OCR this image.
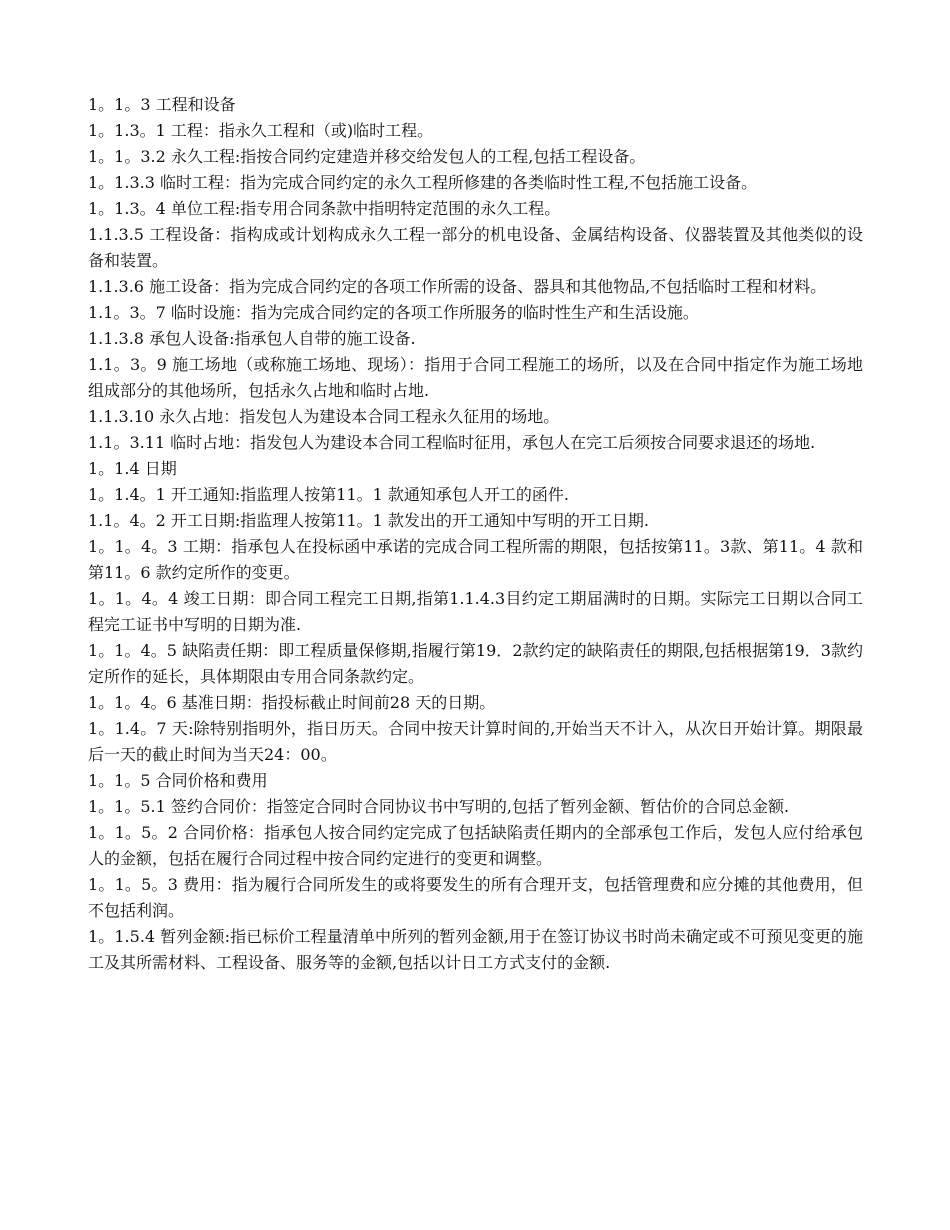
1。1。3 工程和设备

1。1.3。1 工程：指永久工程和（或)临时工程。

1。1。3.2 永久工程:指按合同约定建造并移交给发包人的工程,包括工程设备。

1。1.3.3 临时工程：指为完成合同约定的永久工程所修建的各类临时性工程,不包括施工设备。

1。1.3。4 单位工程:指专用合同条款中指明特定范围的永久工程。

1.1.3.5 工程设备：指构成或计划构成永久工程一部分的机电设备、金属结构设备、仪器装置及其他类似的设备和装置。

1.1.3.6 施工设备：指为完成合同约定的各项工作所需的设备、器具和其他物品,不包括临时工程和材料。

1.1。3。7 临时设施：指为完成合同约定的各项工作所服务的临时性生产和生活设施。

1.1.3.8 承包人设备:指承包人自带的施工设备.

1.1。3。9 施工场地（或称施工场地、现场）：指用于合同工程施工的场所，以及在合同中指定作为施工场地组成部分的其他场所，包括永久占地和临时占地.

1.1.3.10 永久占地：指发包人为建设本合同工程永久征用的场地。

1.1。3.11 临时占地：指发包人为建设本合同工程临时征用，承包人在完工后须按合同要求退还的场地.

1。1.4 日期

1。1.4。1 开工通知:指监理人按第11。1 款通知承包人开工的函件.

1.1。4。2 开工日期:指监理人按第11。1 款发出的开工通知中写明的开工日期.

1。1。4。3 工期：指承包人在投标函中承诺的完成合同工程所需的期限，包括按第11。3款、第11。4 款和第11。6 款约定所作的变更。

1。1。4。4 竣工日期：即合同工程完工日期,指第1.1.4.3目约定工期届满时的日期。实际完工日期以合同工程完工证书中写明的日期为准.

1。1。4。5 缺陷责任期：即工程质量保修期,指履行第19．2款约定的缺陷责任的期限,包括根据第19．3款约定所作的延长，具体期限由专用合同条款约定。

1。1。4。6 基准日期：指投标截止时间前28 天的日期。

1。1.4。7 天:除特别指明外，指日历天。合同中按天计算时间的,开始当天不计入，从次日开始计算。期限最后一天的截止时间为当天24：00。

1。1。5 合同价格和费用

1。1。5.1 签约合同价：指签定合同时合同协议书中写明的,包括了暂列金额、暂估价的合同总金额.

1。1。5。2 合同价格：指承包人按合同约定完成了包括缺陷责任期内的全部承包工作后，发包人应付给承包人的金额，包括在履行合同过程中按合同约定进行的变更和调整。

1。1。5。3 费用：指为履行合同所发生的或将要发生的所有合理开支，包括管理费和应分摊的其他费用，但不包括利润。

1。1.5.4 暂列金额:指已标价工程量清单中所列的暂列金额,用于在签订协议书时尚未确定或不可预见变更的施工及其所需材料、工程设备、服务等的金额,包括以计日工方式支付的金额.
